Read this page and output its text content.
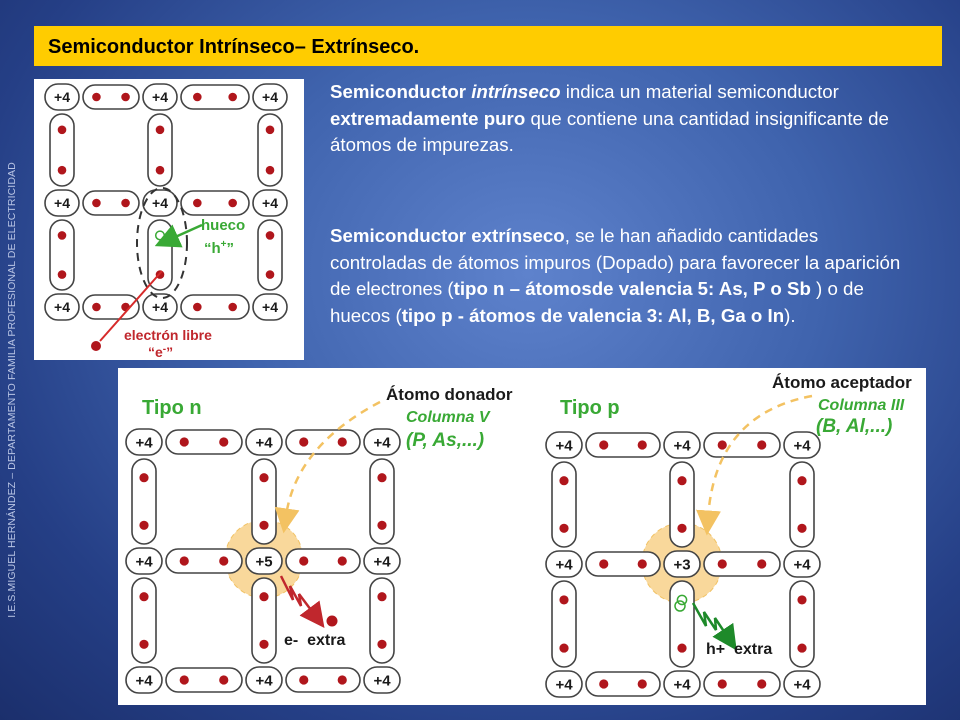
Semiconductor Intrínseco– Extrínseco.
I.E.S.MIGUEL HERNÁNDEZ – DEPARTAMENTO FAMILIA PROFESIONAL DE ELECTRICIDAD
+4	+4	+4
+4	+4	+4
+4	+4	+4
hueco
“h+”
electrón libre
“e-”
Semiconductor intrínseco indica un material semiconductor extremadamente puro que contiene una cantidad insignificante de átomos de impurezas.
Semiconductor extrínseco, se le han añadido cantidades controladas de átomos impuros (Dopado) para favorecer la aparición de electrones (tipo n – átomosde valencia 5: As, P o Sb ) o de huecos (tipo p - átomos de valencia 3: Al, B, Ga o In).
+4	+4	+4
+4	+5	+4
+4	+4	+4
+4	+4	+4
+4	+3	+4
+4	+4	+4
Tipo n
Átomo donador
Columna V
(P, As,...)
e-  extra
Tipo p
Átomo aceptador
Columna III
(B, Al,...)
h+  extra
